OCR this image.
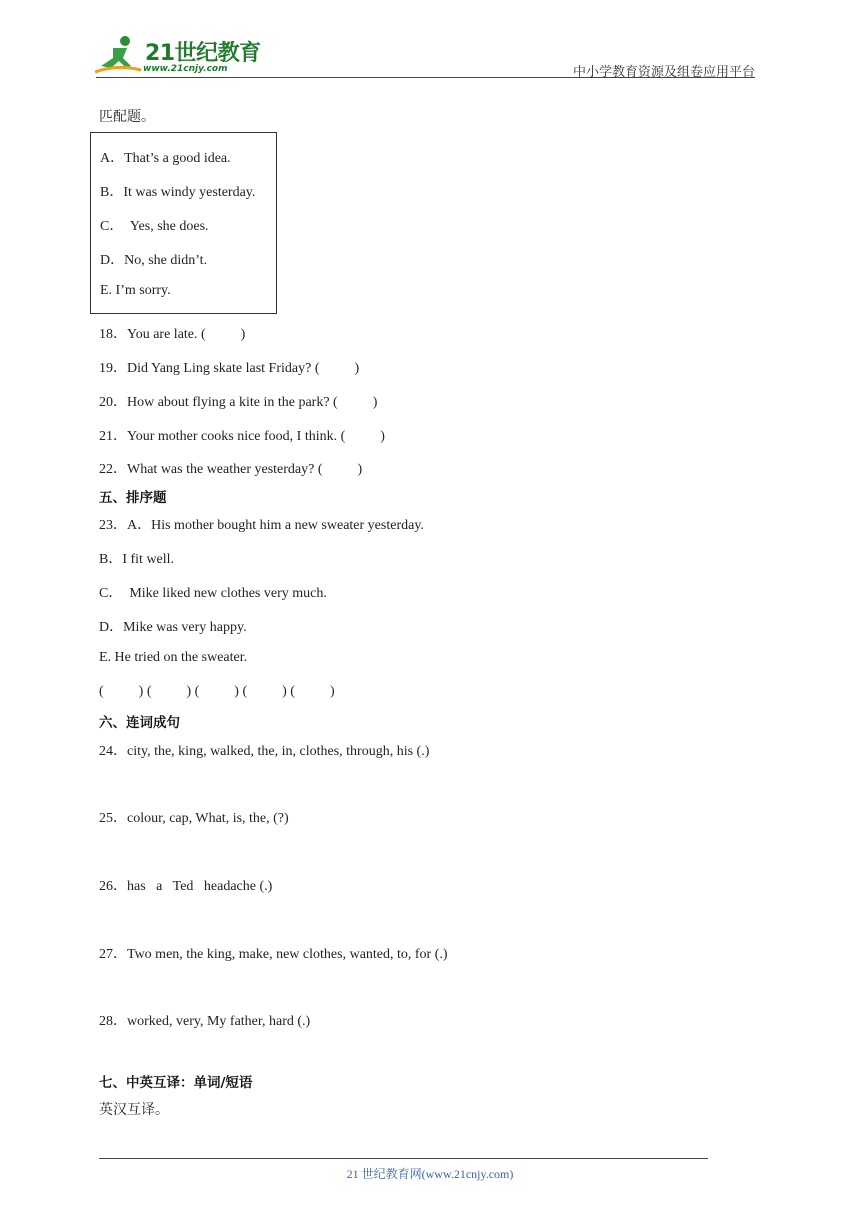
21世纪教育
www.21cnjy.com	中小学教育资源及组卷应用平台
匹配题。
A．That’s a good idea.
B．It was windy yesterday.
C．  Yes, she does.
D．No, she didn’t.
E. I’m sorry.
18．You are late. (          )
19．Did Yang Ling skate last Friday? (          )
20．How about flying a kite in the park? (          )
21．Your mother cooks nice food, I think. (          )
22．What was the weather yesterday? (          )
五、排序题
23．A．His mother bought him a new sweater yesterday.
B．I fit well.
C．  Mike liked new clothes very much.
D．Mike was very happy.
E. He tried on the sweater.
(          ) (          ) (          ) (          ) (          )
六、连词成句
24．city, the, king, walked, the, in, clothes, through, his (.)
25．colour, cap, What, is, the, (?)
26．has   a   Ted   headache (.)
27．Two men, the king, make, new clothes, wanted, to, for (.)
28．worked, very, My father, hard (.)
七、中英互译：单词/短语
英汉互译。
21 世纪教育网(www.21cnjy.com)
